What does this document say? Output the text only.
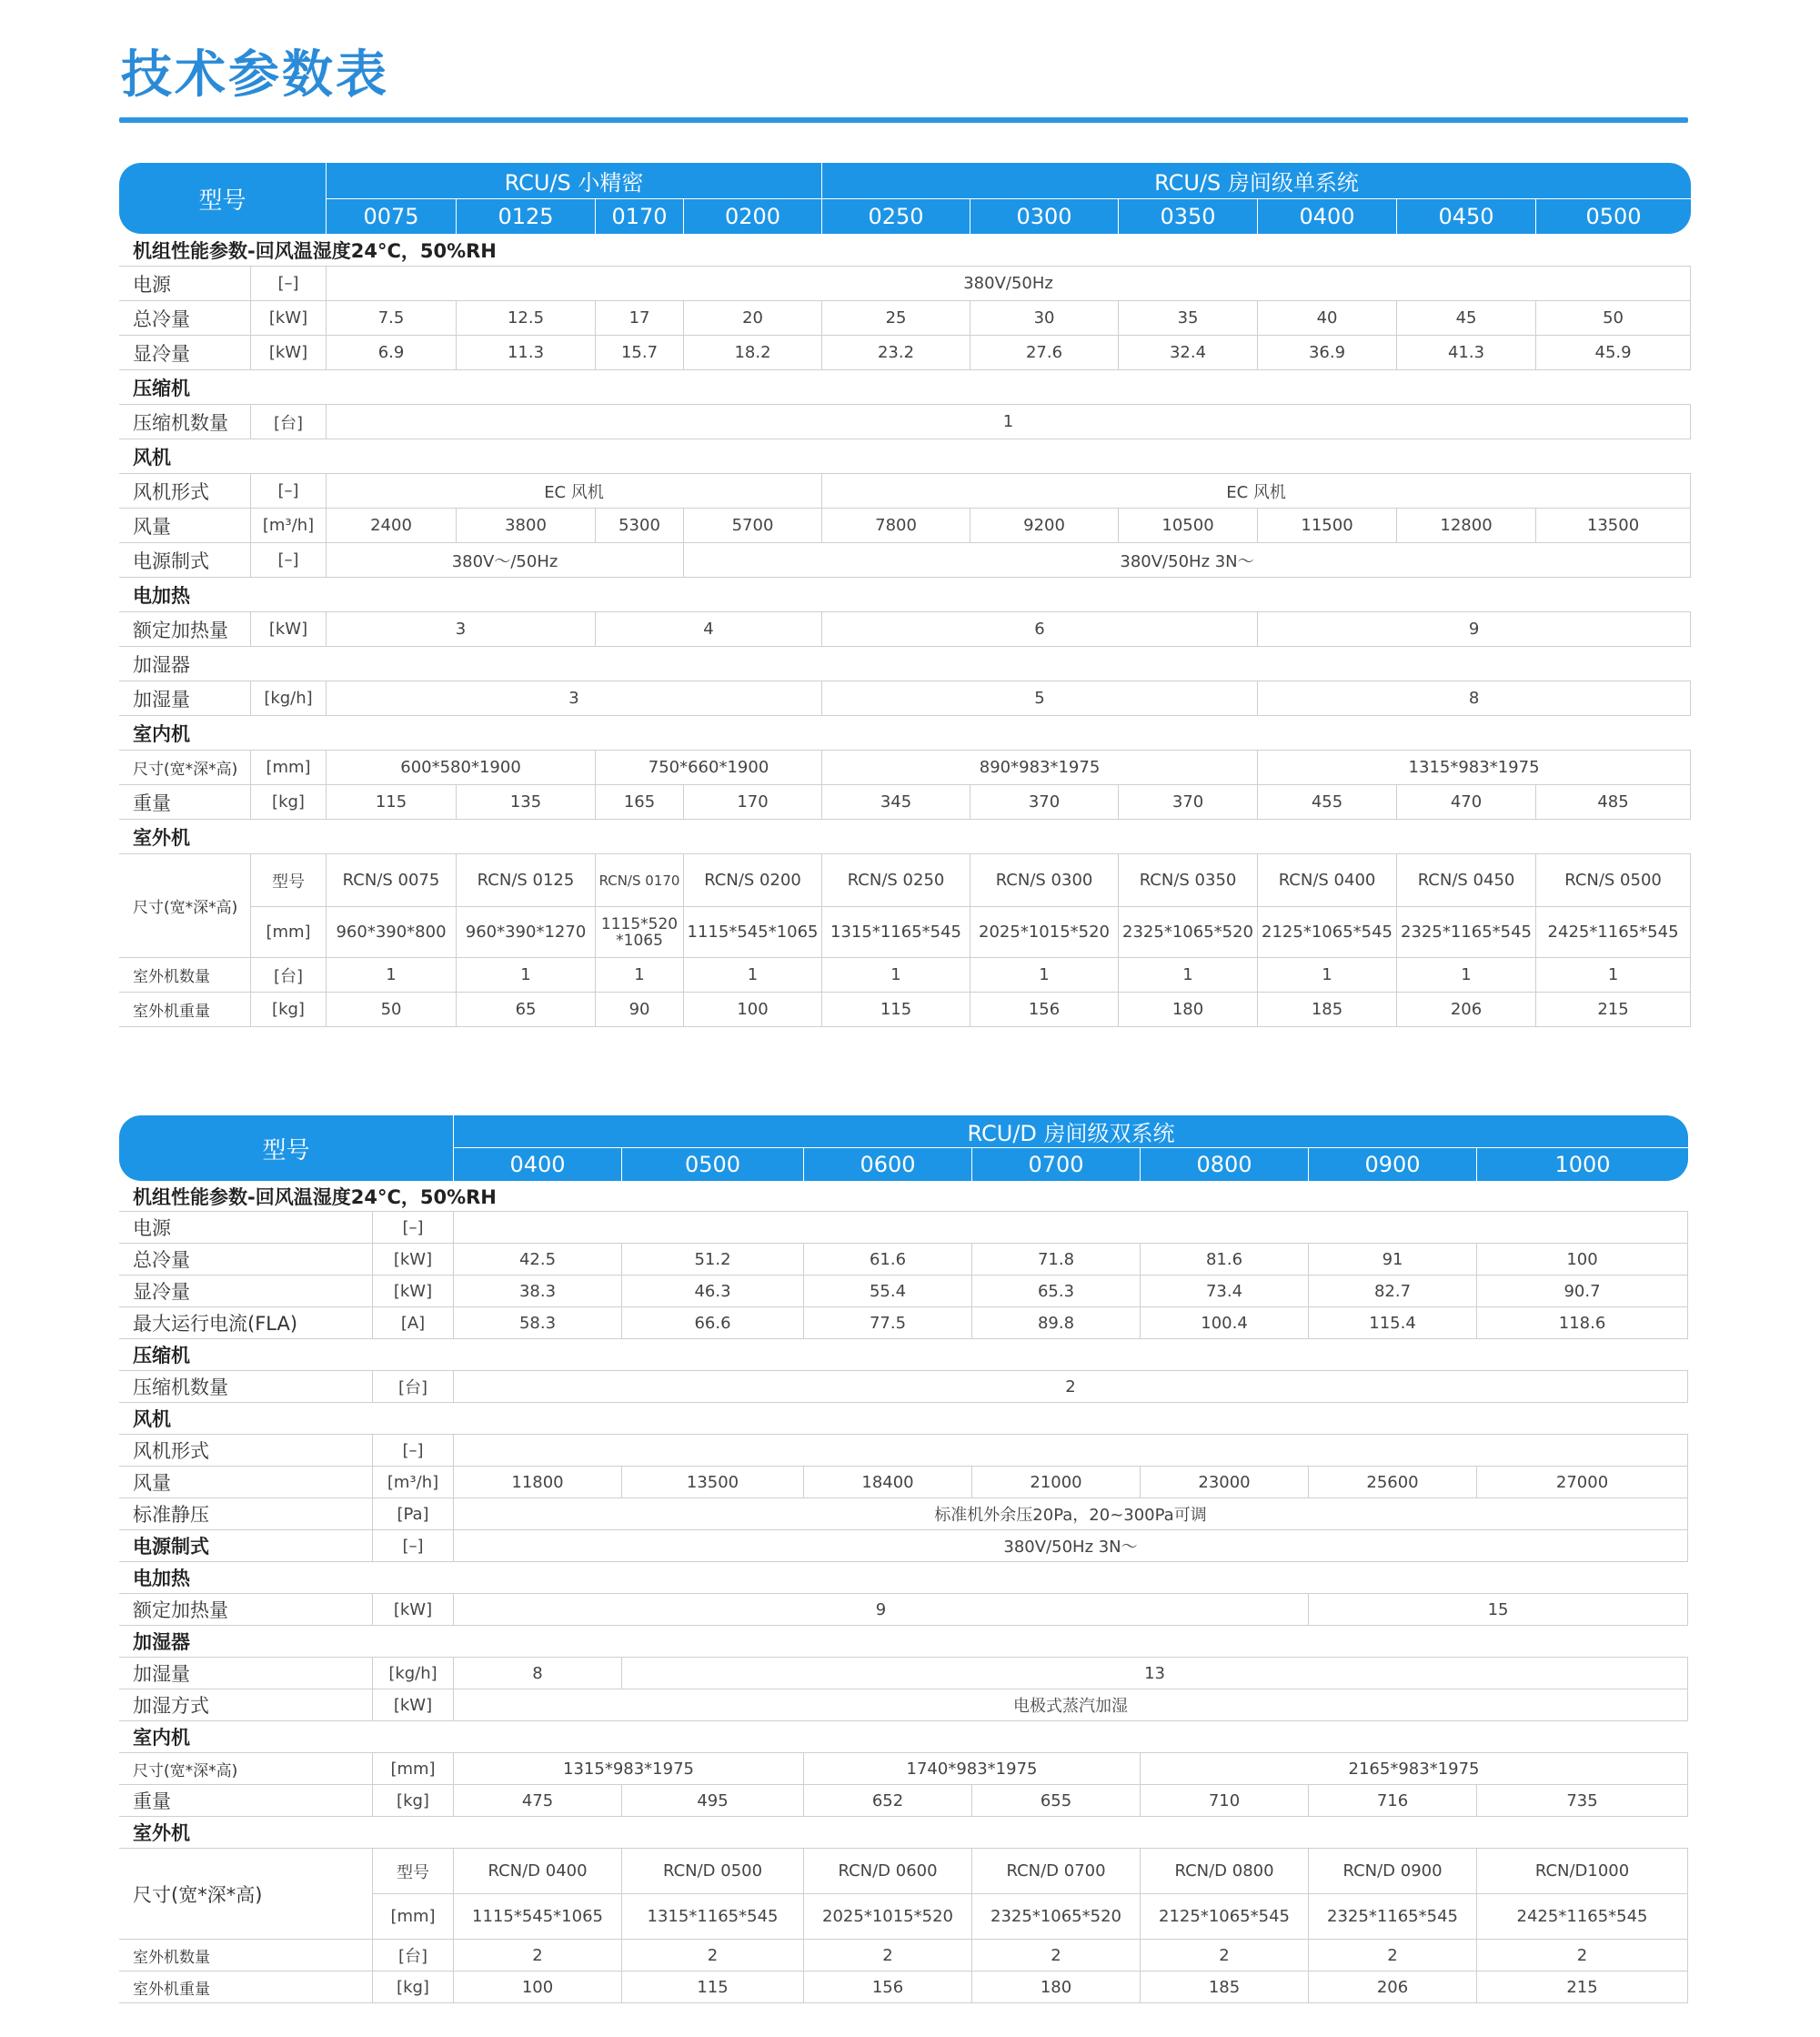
技术参数表
型号		RCU/S 小精密				RCU/S 房间级单系统					
		0075	0125	0170	0200	0250	0300	0350	0400	0450	0500
机组性能参数-回风温湿度24°C，50%RH											
电源	[–]	380V/50Hz									
总冷量	[kW]	7.5	12.5	17	20	25	30	35	40	45	50
显冷量	[kW]	6.9	11.3	15.7	18.2	23.2	27.6	32.4	36.9	41.3	45.9
压缩机											
压缩机数量	[台]	1									
风机											
风机形式	[–]	EC 风机				EC 风机					
风量	[m³/h]	2400	3800	5300	5700	7800	9200	10500	11500	12800	13500
电源制式	[–]	380V～/50Hz			380V/50Hz 3N～						
电加热											
额定加热量	[kW]	3		4		6			9		
加湿器											
加湿量	[kg/h]	3				5			8		
室内机											
尺寸(宽*深*高)	[mm]	600*580*1900		750*660*1900		890*983*1975			1315*983*1975		
重量	[kg]	115	135	165	170	345	370	370	455	470	485
室外机											
尺寸(宽*深*高)	型号	RCN/S 0075	RCN/S 0125	RCN/S 0170	RCN/S 0200	RCN/S 0250	RCN/S 0300	RCN/S 0350	RCN/S 0400	RCN/S 0450	RCN/S 0500
	[mm]	960*390*800	960*390*1270	1115*520 *1065	1115*545*1065	1315*1165*545	2025*1015*520	2325*1065*520	2125*1065*545	2325*1165*545	2425*1165*545
室外机数量	[台]	1	1	1	1	1	1	1	1	1	1
室外机重量	[kg]	50	65	90	100	115	156	180	185	206	215
型号		RCU/D 房间级双系统						
		0400	0500	0600	0700	0800	0900	1000
机组性能参数-回风温湿度24°C，50%RH								
电源	[–]							
总冷量	[kW]	42.5	51.2	61.6	71.8	81.6	91	100
显冷量	[kW]	38.3	46.3	55.4	65.3	73.4	82.7	90.7
最大运行电流(FLA)	[A]	58.3	66.6	77.5	89.8	100.4	115.4	118.6
压缩机								
压缩机数量	[台]	2						
风机								
风机形式	[–]							
风量	[m³/h]	11800	13500	18400	21000	23000	25600	27000
标准静压	[Pa]	标准机外余压20Pa，20~300Pa可调						
电源制式	[–]	380V/50Hz 3N～						
电加热								
额定加热量	[kW]	9					15	
加湿器								
加湿量	[kg/h]	8	13					
加湿方式	[kW]	电极式蒸汽加湿						
室内机								
尺寸(宽*深*高)	[mm]	1315*983*1975		1740*983*1975		2165*983*1975		
重量	[kg]	475	495	652	655	710	716	735
室外机								
尺寸(宽*深*高)	型号	RCN/D 0400	RCN/D 0500	RCN/D 0600	RCN/D 0700	RCN/D 0800	RCN/D 0900	RCN/D1000
	[mm]	1115*545*1065	1315*1165*545	2025*1015*520	2325*1065*520	2125*1065*545	2325*1165*545	2425*1165*545
室外机数量	[台]	2	2	2	2	2	2	2
室外机重量	[kg]	100	115	156	180	185	206	215
